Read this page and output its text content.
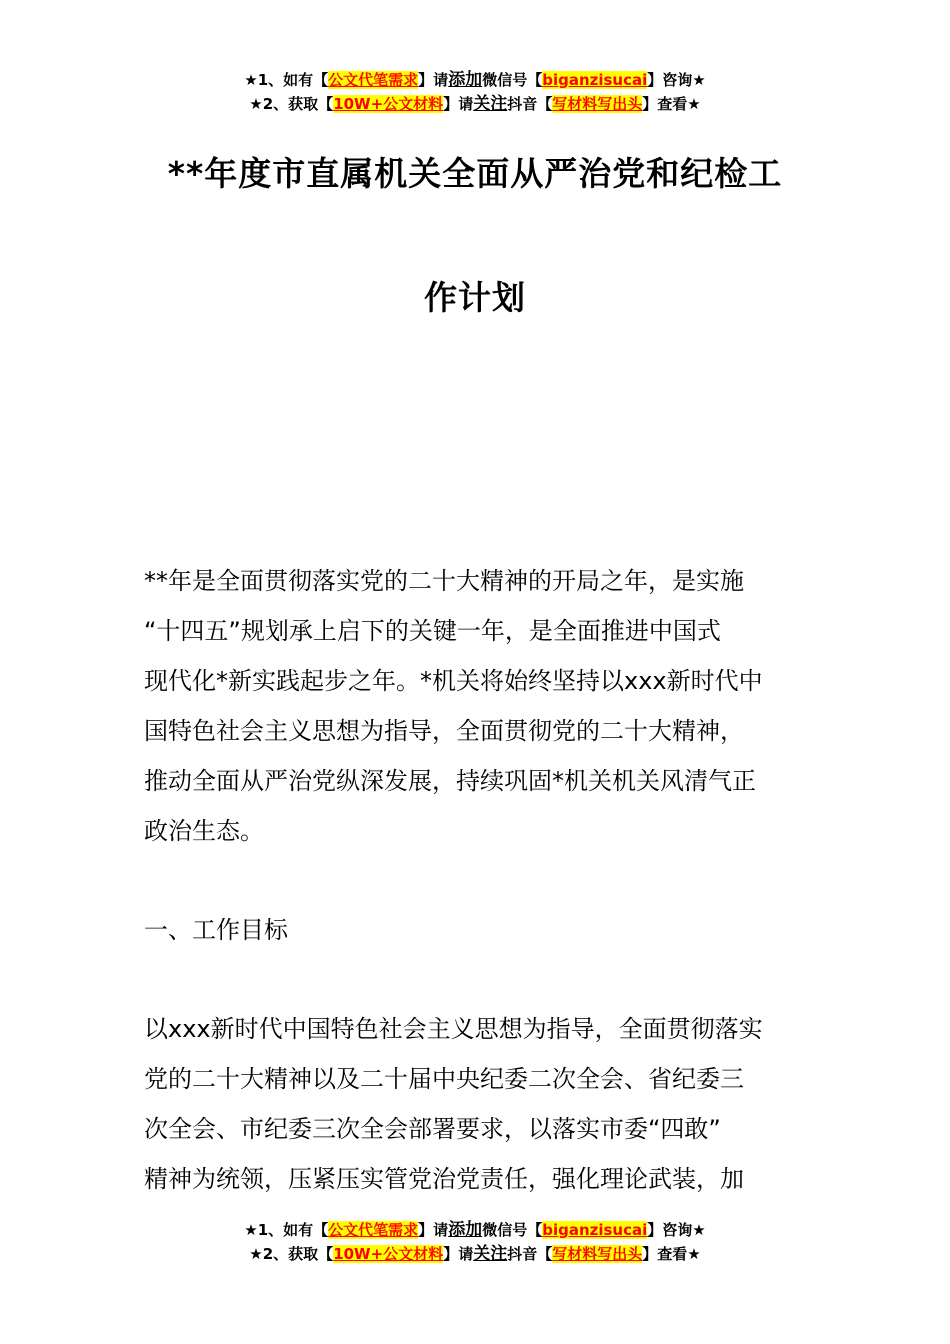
★1、如有【公文代笔需求】请添加微信号【biganzisucai】咨询★
★2、获取【10W+公文材料】请关注抖音【写材料写出头】查看★
**年度市直属机关全面从严治党和纪检工
作计划
**年是全面贯彻落实党的二十大精神的开局之年，是实施
“十四五”规划承上启下的关键一年，是全面推进中国式
现代化*新实践起步之年。*机关将始终坚持以xxx新时代中
国特色社会主义思想为指导，全面贯彻党的二十大精神，
推动全面从严治党纵深发展，持续巩固*机关机关风清气正
政治生态。
一、工作目标
以xxx新时代中国特色社会主义思想为指导，全面贯彻落实
党的二十大精神以及二十届中央纪委二次全会、省纪委三
次全会、市纪委三次全会部署要求，以落实市委“四敢”
精神为统领，压紧压实管党治党责任，强化理论武装，加
★1、如有【公文代笔需求】请添加微信号【biganzisucai】咨询★
★2、获取【10W+公文材料】请关注抖音【写材料写出头】查看★
